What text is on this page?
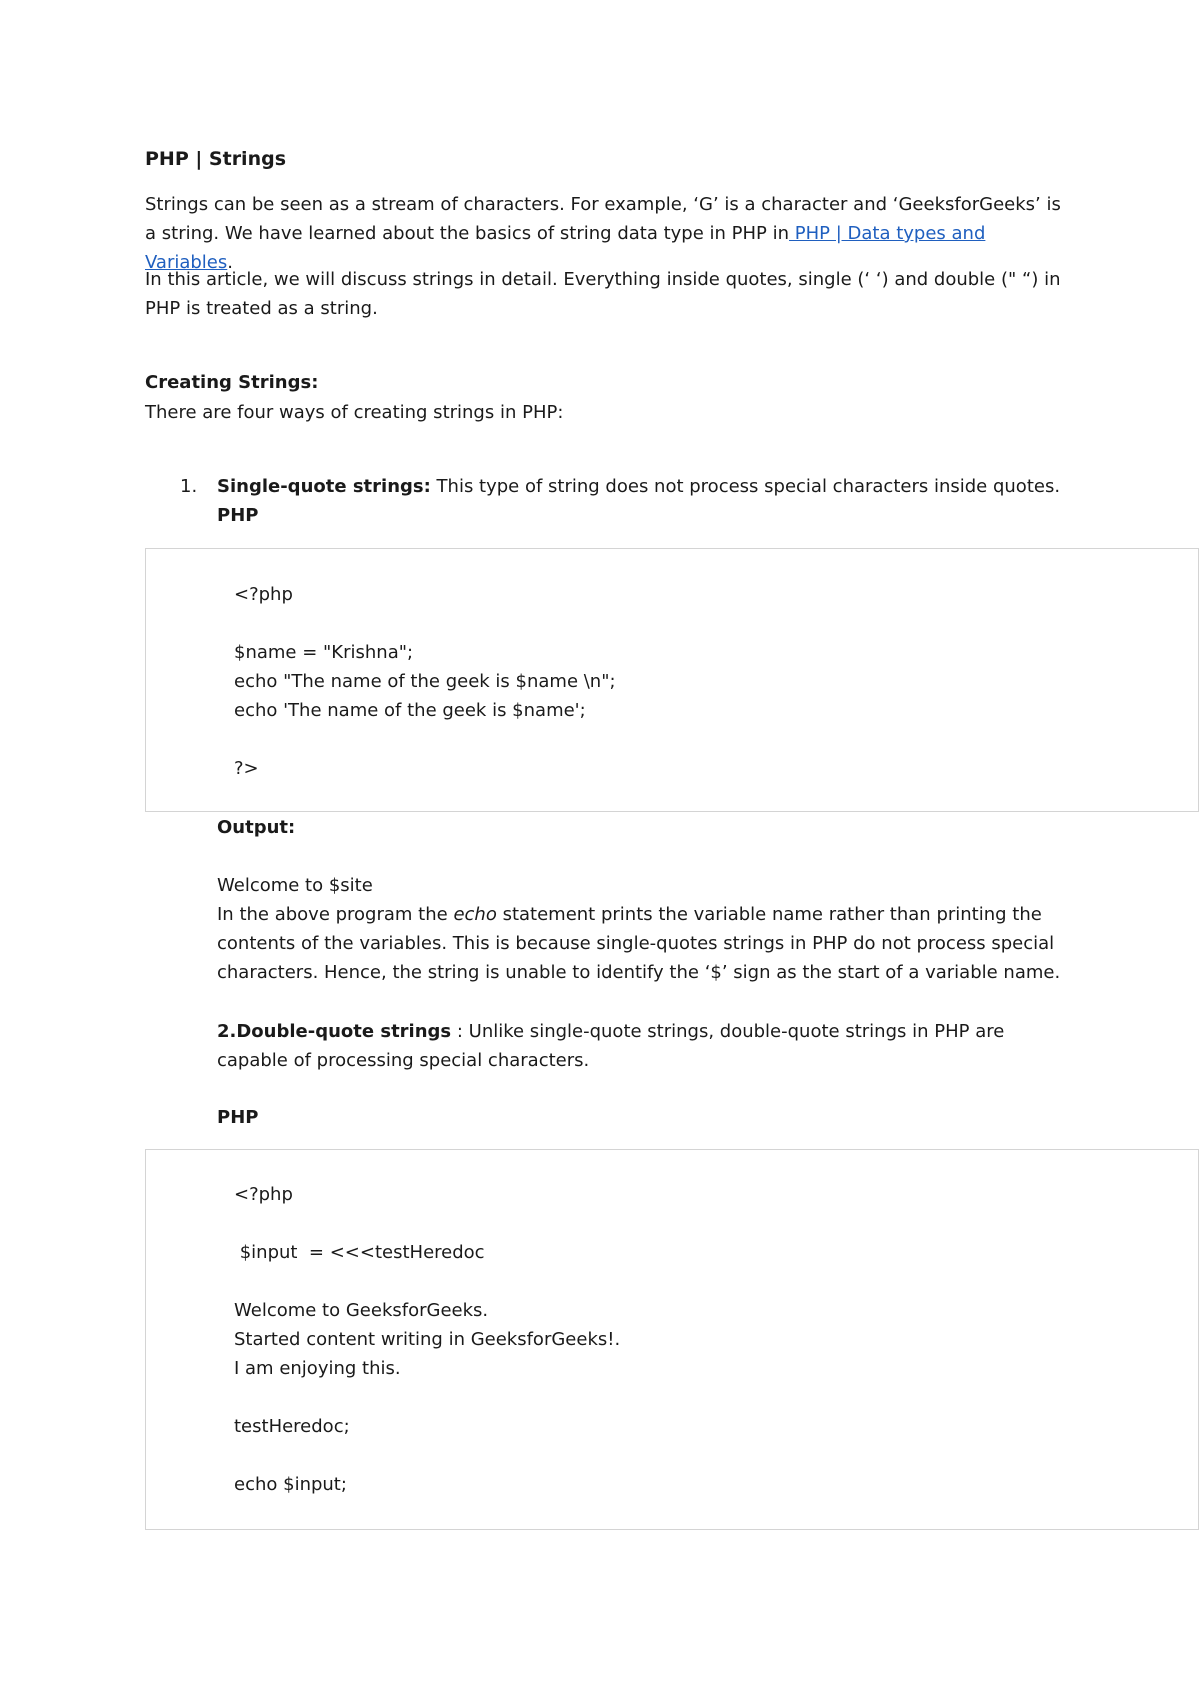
PHP | Strings

Strings can be seen as a stream of characters. For example, ‘G’ is a character and ‘GeeksforGeeks’ is a string. We have learned about the basics of string data type in PHP in PHP | Data types and Variables.

In this article, we will discuss strings in detail. Everything inside quotes, single (‘ ‘) and double (" “) in PHP is treated as a string.

Creating Strings:

There are four ways of creating strings in PHP:

1. Single-quote strings: This type of string does not process special characters inside quotes.
PHP
<?php
$name = "Krishna";
echo "The name of the geek is $name \n";
echo 'The name of the geek is $name';
?>
Output:
Welcome to $site

In the above program the echo statement prints the variable name rather than printing the contents of the variables. This is because single-quotes strings in PHP do not process special characters. Hence, the string is unable to identify the ‘$’ sign as the start of a variable name.

2.Double-quote strings : Unlike single-quote strings, double-quote strings in PHP are capable of processing special characters.

PHP
<?php
$input  = <<<testHeredoc
Welcome to GeeksforGeeks.
Started content writing in GeeksforGeeks!.
I am enjoying this.
testHeredoc;
echo $input;
